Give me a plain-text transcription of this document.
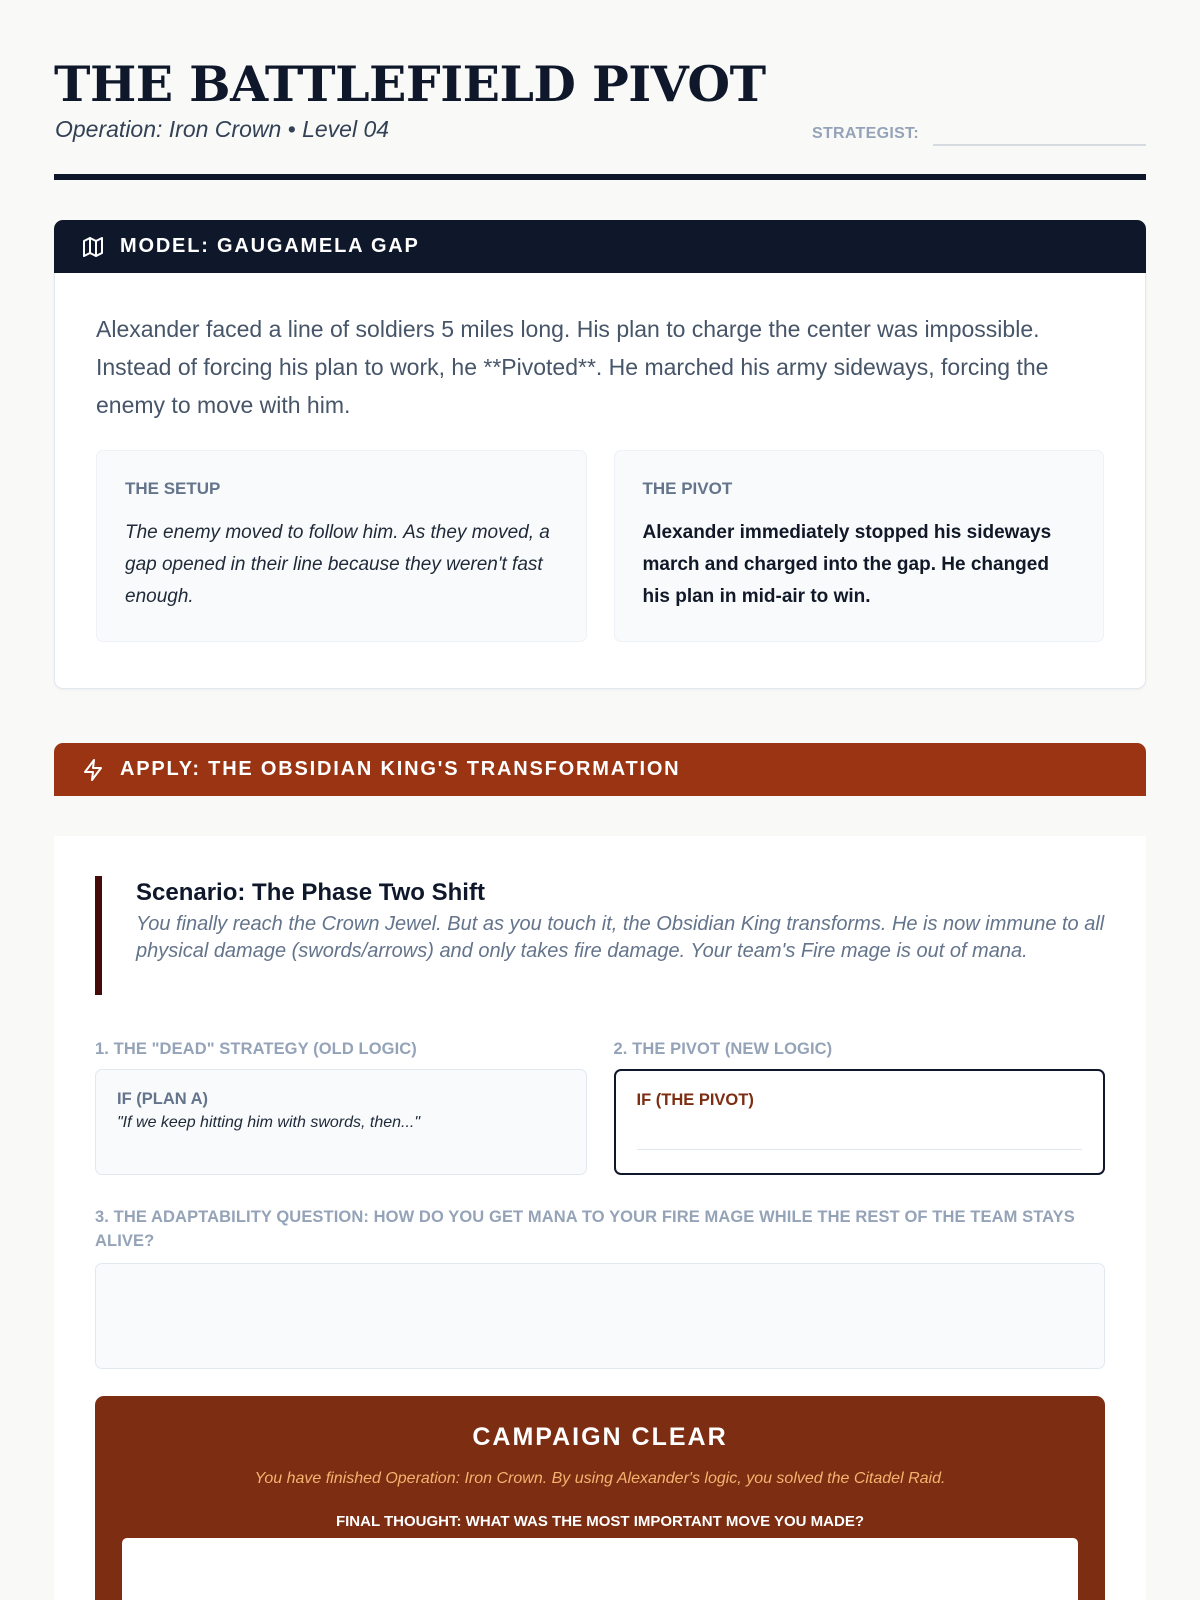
THE BATTLEFIELD PIVOT
Operation: Iron Crown • Level 04	STRATEGIST:
MODEL: GAUGAMELA GAP

Alexander faced a line of soldiers 5 miles long. His plan to charge the center was impossible. Instead of forcing his plan to work, he **Pivoted**. He marched his army sideways, forcing the enemy to move with him.

THE SETUP
The enemy moved to follow him. As they moved, a gap opened in their line because they weren't fast enough.
THE PIVOT
Alexander immediately stopped his sideways march and charged into the gap. He changed his plan in mid-air to win.
APPLY: THE OBSIDIAN KING'S TRANSFORMATION
Scenario: The Phase Two Shift
You finally reach the Crown Jewel. But as you touch it, the Obsidian King transforms. He is now immune to all physical damage (swords/arrows) and only takes fire damage. Your team's Fire mage is out of mana.
1. THE "DEAD" STRATEGY (OLD LOGIC)
IF (PLAN A)
"If we keep hitting him with swords, then..."
2. THE PIVOT (NEW LOGIC)
IF (THE PIVOT)
3. THE ADAPTABILITY QUESTION: HOW DO YOU GET MANA TO YOUR FIRE MAGE WHILE THE REST OF THE TEAM STAYS ALIVE?
CAMPAIGN CLEAR
You have finished Operation: Iron Crown. By using Alexander's logic, you solved the Citadel Raid.
FINAL THOUGHT: WHAT WAS THE MOST IMPORTANT MOVE YOU MADE?
